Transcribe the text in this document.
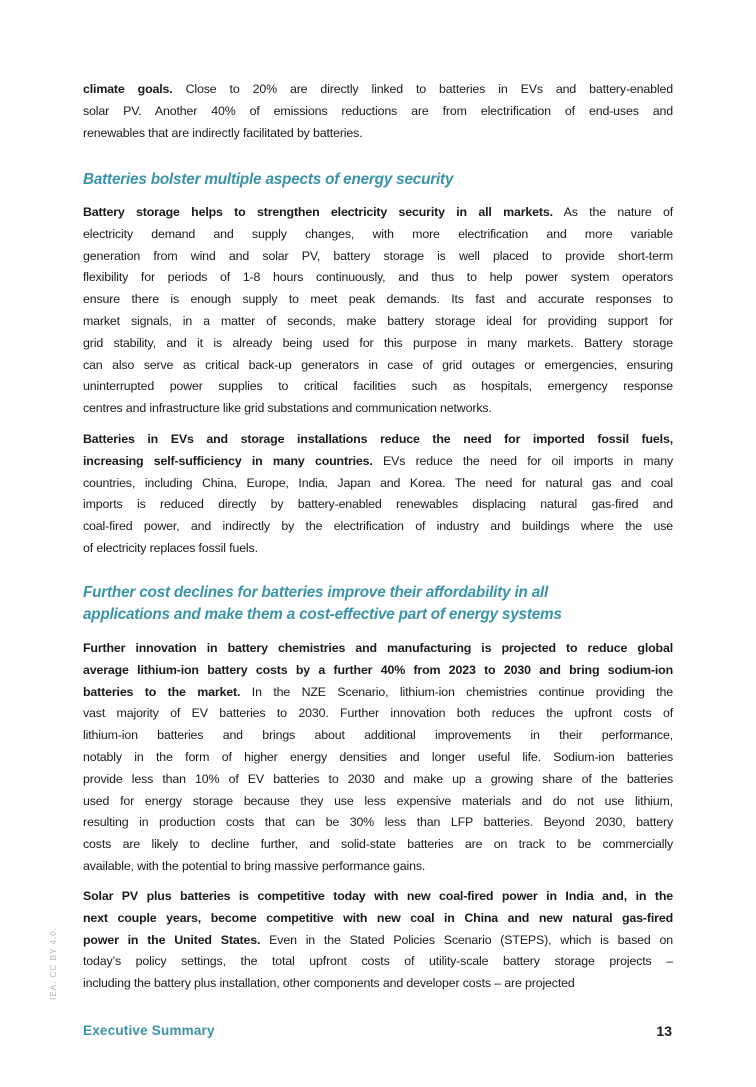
climate goals. Close to 20% are directly linked to batteries in EVs and battery-enabled
solar PV. Another 40% of emissions reductions are from electrification of end-uses and
renewables that are indirectly facilitated by batteries.
Batteries bolster multiple aspects of energy security
Battery storage helps to strengthen electricity security in all markets. As the nature of
electricity demand and supply changes, with more electrification and more variable
generation from wind and solar PV, battery storage is well placed to provide short-term
flexibility for periods of 1-8 hours continuously, and thus to help power system operators
ensure there is enough supply to meet peak demands. Its fast and accurate responses to
market signals, in a matter of seconds, make battery storage ideal for providing support for
grid stability, and it is already being used for this purpose in many markets. Battery storage
can also serve as critical back-up generators in case of grid outages or emergencies, ensuring
uninterrupted power supplies to critical facilities such as hospitals, emergency response
centres and infrastructure like grid substations and communication networks.
Batteries in EVs and storage installations reduce the need for imported fossil fuels,
increasing self-sufficiency in many countries. EVs reduce the need for oil imports in many
countries, including China, Europe, India, Japan and Korea. The need for natural gas and coal
imports is reduced directly by battery-enabled renewables displacing natural gas-fired and
coal-fired power, and indirectly by the electrification of industry and buildings where the use
of electricity replaces fossil fuels.
Further cost declines for batteries improve their affordability in all
applications and make them a cost-effective part of energy systems
Further innovation in battery chemistries and manufacturing is projected to reduce global
average lithium-ion battery costs by a further 40% from 2023 to 2030 and bring sodium-ion
batteries to the market. In the NZE Scenario, lithium-ion chemistries continue providing the
vast majority of EV batteries to 2030. Further innovation both reduces the upfront costs of
lithium-ion batteries and brings about additional improvements in their performance,
notably in the form of higher energy densities and longer useful life. Sodium-ion batteries
provide less than 10% of EV batteries to 2030 and make up a growing share of the batteries
used for energy storage because they use less expensive materials and do not use lithium,
resulting in production costs that can be 30% less than LFP batteries. Beyond 2030, battery
costs are likely to decline further, and solid-state batteries are on track to be commercially
available, with the potential to bring massive performance gains.
Solar PV plus batteries is competitive today with new coal-fired power in India and, in the
next couple years, become competitive with new coal in China and new natural gas-fired
power in the United States. Even in the Stated Policies Scenario (STEPS), which is based on
today’s policy settings, the total upfront costs of utility-scale battery storage projects –
including the battery plus installation, other components and developer costs – are projected
IEA. CC BY 4.0.
Executive Summary	13
